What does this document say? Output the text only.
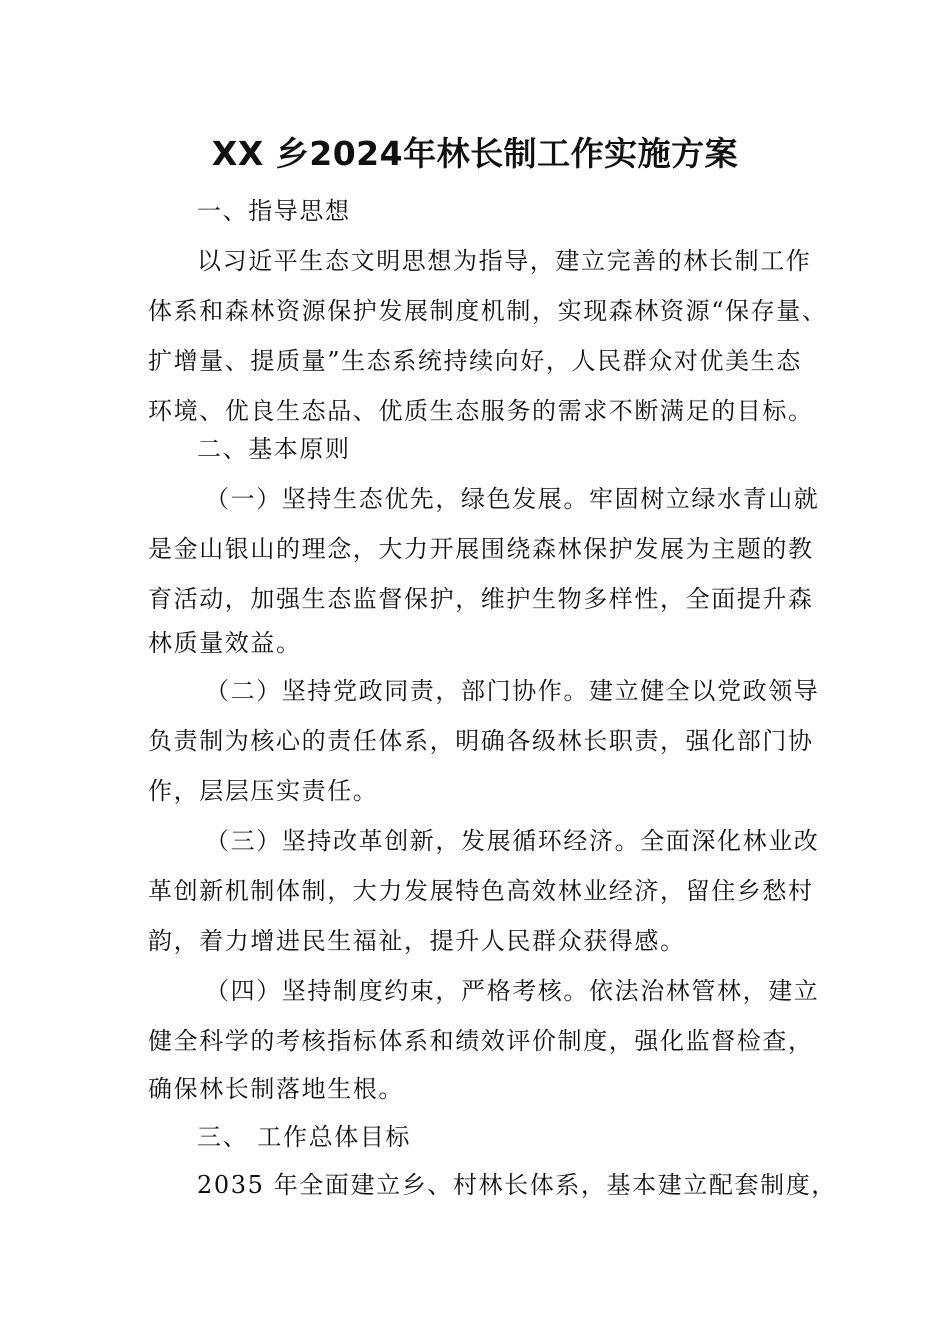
XX 乡2024年林长制工作实施方案
一、指导思想
以习近平生态文明思想为指导，建立完善的林长制工作
体系和森林资源保护发展制度机制，实现森林资源“保存量、
扩增量、提质量”生态系统持续向好，人民群众对优美生态
环境、优良生态品、优质生态服务的需求不断满足的目标。
二、基本原则
（一）坚持生态优先，绿色发展。牢固树立绿水青山就
是金山银山的理念，大力开展围绕森林保护发展为主题的教
育活动，加强生态监督保护，维护生物多样性，全面提升森
林质量效益。
（二）坚持党政同责，部门协作。建立健全以党政领导
负责制为核心的责任体系，明确各级林长职责，强化部门协
作，层层压实责任。
（三）坚持改革创新，发展循环经济。全面深化林业改
革创新机制体制，大力发展特色高效林业经济，留住乡愁村
韵，着力增进民生福祉，提升人民群众获得感。
（四）坚持制度约束，严格考核。依法治林管林，建立
健全科学的考核指标体系和绩效评价制度，强化监督检查，
确保林长制落地生根。
三、 工作总体目标
2035 年全面建立乡、村林长体系，基本建立配套制度，
